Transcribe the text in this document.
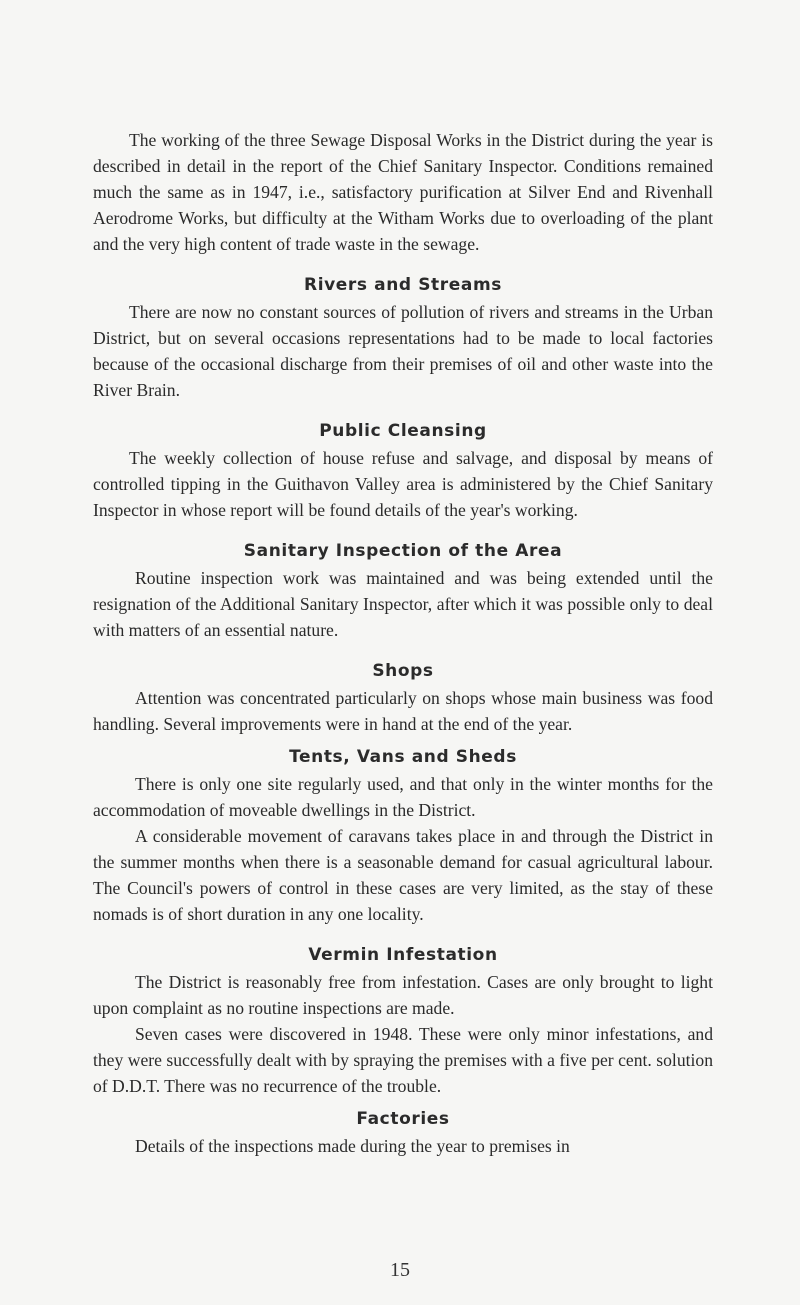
The working of the three Sewage Disposal Works in the District during the year is described in detail in the report of the Chief Sanitary Inspector. Conditions remained much the same as in 1947, i.e., satisfactory purification at Silver End and Rivenhall Aerodrome Works, but difficulty at the Witham Works due to overloading of the plant and the very high content of trade waste in the sewage.

Rivers and Streams

There are now no constant sources of pollution of rivers and streams in the Urban District, but on several occasions representations had to be made to local factories because of the occasional discharge from their premises of oil and other waste into the River Brain.

Public Cleansing

The weekly collection of house refuse and salvage, and disposal by means of controlled tipping in the Guithavon Valley area is administered by the Chief Sanitary Inspector in whose report will be found details of the year's working.

Sanitary Inspection of the Area

Routine inspection work was maintained and was being extended until the resignation of the Additional Sanitary Inspector, after which it was possible only to deal with matters of an essential nature.

Shops

Attention was concentrated particularly on shops whose main business was food handling. Several improvements were in hand at the end of the year.

Tents, Vans and Sheds

There is only one site regularly used, and that only in the winter months for the accommodation of moveable dwellings in the District.

A considerable movement of caravans takes place in and through the District in the summer months when there is a seasonable demand for casual agricultural labour. The Council's powers of control in these cases are very limited, as the stay of these nomads is of short duration in any one locality.

Vermin Infestation

The District is reasonably free from infestation. Cases are only brought to light upon complaint as no routine inspections are made.

Seven cases were discovered in 1948. These were only minor infestations, and they were successfully dealt with by spraying the premises with a five per cent. solution of D.D.T. There was no recurrence of the trouble.

Factories

Details of the inspections made during the year to premises in

15
